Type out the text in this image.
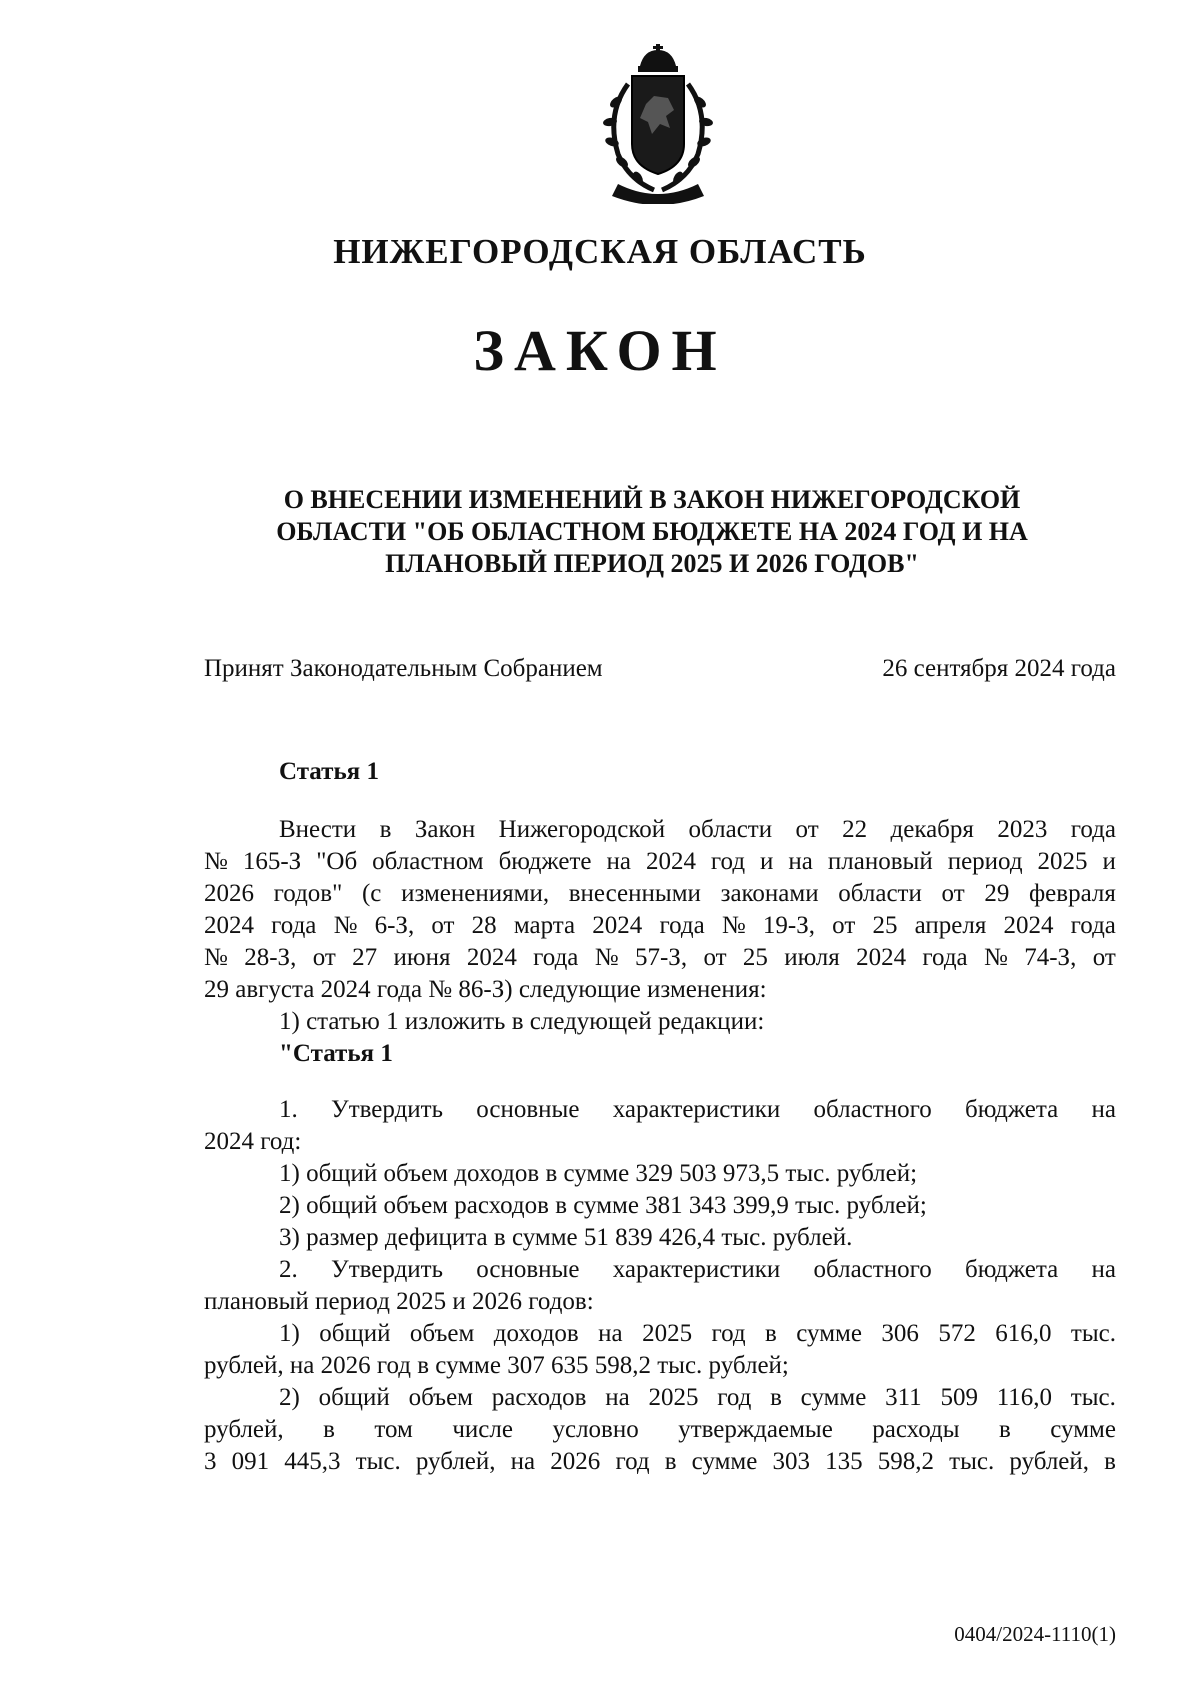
НИЖЕГОРОДСКАЯ ОБЛАСТЬ
ЗАКОН
О ВНЕСЕНИИ ИЗМЕНЕНИЙ В ЗАКОН НИЖЕГОРОДСКОЙ
ОБЛАСТИ "ОБ ОБЛАСТНОМ БЮДЖЕТЕ НА 2024 ГОД И НА
ПЛАНОВЫЙ ПЕРИОД 2025 И 2026 ГОДОВ"
Принят Законодательным Собранием	26 сентября 2024 года
Статья 1
Внести в Закон Нижегородской области от 22 декабря 2023 года
№ 165-З "Об областном бюджете на 2024 год и на плановый период 2025 и
2026 годов" (с изменениями, внесенными законами области от 29 февраля
2024 года № 6-З, от 28 марта 2024 года № 19-З, от 25 апреля 2024 года
№ 28-З, от 27 июня 2024 года № 57-З, от 25 июля 2024 года № 74-З, от
29 августа 2024 года № 86-З) следующие изменения:
1) статью 1 изложить в следующей редакции:
"Статья 1
1. Утвердить основные характеристики областного бюджета на
2024 год:
1) общий объем доходов в сумме 329 503 973,5 тыс. рублей;
2) общий объем расходов в сумме 381 343 399,9 тыс. рублей;
3) размер дефицита в сумме 51 839 426,4 тыс. рублей.
2. Утвердить основные характеристики областного бюджета на
плановый период 2025 и 2026 годов:
1) общий объем доходов на 2025 год в сумме 306 572 616,0 тыс.
рублей, на 2026 год в сумме 307 635 598,2 тыс. рублей;
2) общий объем расходов на 2025 год в сумме 311 509 116,0 тыс.
рублей, в том числе условно утверждаемые расходы в сумме
3 091 445,3 тыс. рублей, на 2026 год в сумме 303 135 598,2 тыс. рублей, в
0404/2024-1110(1)
